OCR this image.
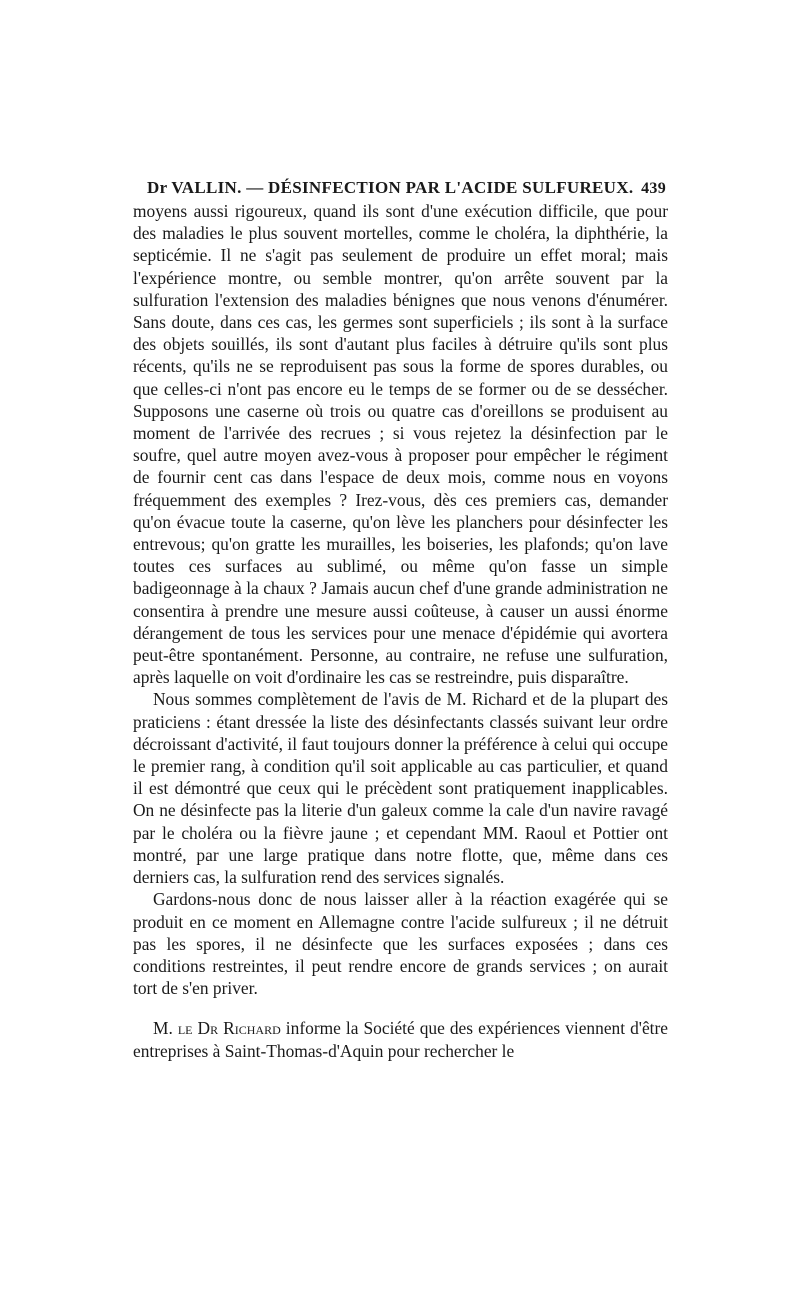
Dr VALLIN. — DÉSINFECTION PAR L'ACIDE SULFUREUX. 439

moyens aussi rigoureux, quand ils sont d'une exécution difficile, que pour des maladies le plus souvent mortelles, comme le choléra, la diphthérie, la septicémie. Il ne s'agit pas seulement de produire un effet moral; mais l'expérience montre, ou semble montrer, qu'on arrête souvent par la sulfuration l'extension des maladies bénignes que nous venons d'énumérer. Sans doute, dans ces cas, les germes sont superficiels ; ils sont à la surface des objets souillés, ils sont d'autant plus faciles à détruire qu'ils sont plus récents, qu'ils ne se reproduisent pas sous la forme de spores durables, ou que celles-ci n'ont pas encore eu le temps de se former ou de se dessécher. Supposons une caserne où trois ou quatre cas d'oreillons se produisent au moment de l'arrivée des recrues ; si vous rejetez la désinfection par le soufre, quel autre moyen avez-vous à proposer pour empêcher le régiment de fournir cent cas dans l'espace de deux mois, comme nous en voyons fréquemment des exemples ? Irez-vous, dès ces premiers cas, demander qu'on évacue toute la caserne, qu'on lève les planchers pour désinfecter les entrevous; qu'on gratte les murailles, les boiseries, les plafonds; qu'on lave toutes ces surfaces au sublimé, ou même qu'on fasse un simple badigeonnage à la chaux ? Jamais aucun chef d'une grande administration ne consentira à prendre une mesure aussi coûteuse, à causer un aussi énorme dérangement de tous les services pour une menace d'épidémie qui avortera peut-être spontanément. Personne, au contraire, ne refuse une sulfuration, après laquelle on voit d'ordinaire les cas se restreindre, puis disparaître.

Nous sommes complètement de l'avis de M. Richard et de la plupart des praticiens : étant dressée la liste des désinfectants classés suivant leur ordre décroissant d'activité, il faut toujours donner la préférence à celui qui occupe le premier rang, à condition qu'il soit applicable au cas particulier, et quand il est démontré que ceux qui le précèdent sont pratiquement inapplicables. On ne désinfecte pas la literie d'un galeux comme la cale d'un navire ravagé par le choléra ou la fièvre jaune ; et cependant MM. Raoul et Pottier ont montré, par une large pratique dans notre flotte, que, même dans ces derniers cas, la sulfuration rend des services signalés.

Gardons-nous donc de nous laisser aller à la réaction exagérée qui se produit en ce moment en Allemagne contre l'acide sulfureux ; il ne détruit pas les spores, il ne désinfecte que les surfaces exposées ; dans ces conditions restreintes, il peut rendre encore de grands services ; on aurait tort de s'en priver.

M. le Dr Richard informe la Société que des expériences viennent d'être entreprises à Saint-Thomas-d'Aquin pour rechercher le
